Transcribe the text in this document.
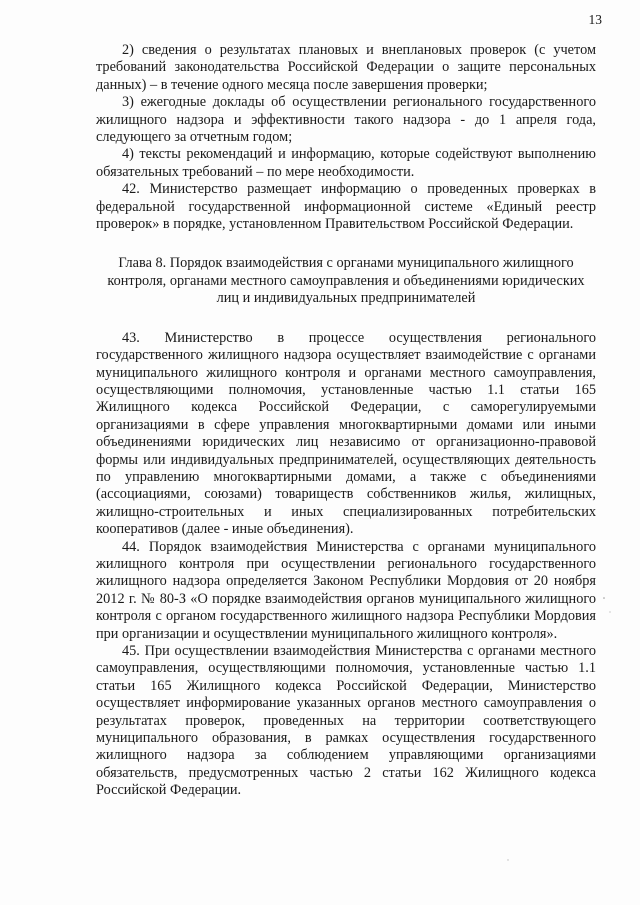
13

2) сведения о результатах плановых и внеплановых проверок (с учетом требований законодательства Российской Федерации о защите персональных данных) – в течение одного месяца после завершения проверки;

3) ежегодные доклады об осуществлении регионального государственного жилищного надзора и эффективности такого надзора - до 1 апреля года, следующего за отчетным годом;

4) тексты рекомендаций и информацию, которые содействуют выполнению обязательных требований – по мере необходимости.

42. Министерство размещает информацию о проведенных проверках в федеральной государственной информационной системе «Единый реестр проверок» в порядке, установленном Правительством Российской Федерации.

Глава 8. Порядок взаимодействия с органами муниципального жилищного контроля, органами местного самоуправления и объединениями юридических лиц и индивидуальных предпринимателей

43. Министерство в процессе осуществления регионального государственного жилищного надзора осуществляет взаимодействие с органами муниципального жилищного контроля и органами местного самоуправления, осуществляющими полномочия, установленные частью 1.1 статьи 165 Жилищного кодекса Российской Федерации, с саморегулируемыми организациями в сфере управления многоквартирными домами или иными объединениями юридических лиц независимо от организационно-правовой формы или индивидуальных предпринимателей, осуществляющих деятельность по управлению многоквартирными домами, а также с объединениями (ассоциациями, союзами) товариществ собственников жилья, жилищных, жилищно-строительных и иных специализированных потребительских кооперативов (далее - иные объединения).

44. Порядок взаимодействия Министерства с органами муниципального жилищного контроля при осуществлении регионального государственного жилищного надзора определяется Законом Республики Мордовия от 20 ноября 2012 г. № 80-З «О порядке взаимодействия органов муниципального жилищного контроля с органом государственного жилищного надзора Республики Мордовия при организации и осуществлении муниципального жилищного контроля».

45. При осуществлении взаимодействия Министерства с органами местного самоуправления, осуществляющими полномочия, установленные частью 1.1 статьи 165 Жилищного кодекса Российской Федерации, Министерство осуществляет информирование указанных органов местного самоуправления о результатах проверок, проведенных на территории соответствующего муниципального образования, в рамках осуществления государственного жилищного надзора за соблюдением управляющими организациями обязательств, предусмотренных частью 2 статьи 162 Жилищного кодекса Российской Федерации.
